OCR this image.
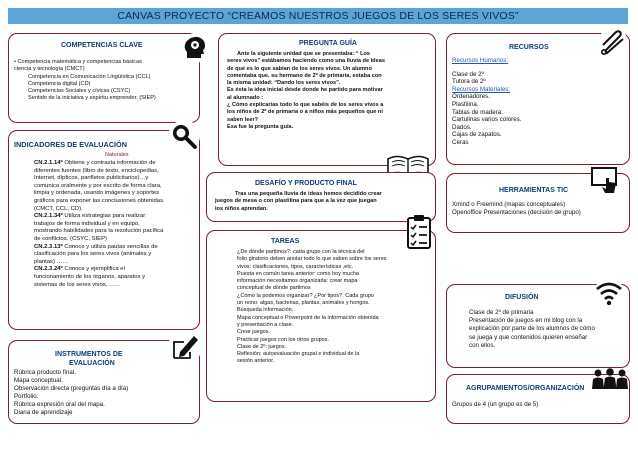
CANVAS PROYECTO “CREAMOS NUESTROS JUEGOS DE LOS SERES VIVOS”
COMPETENCIAS CLAVE

• Competencia matemática y competencias básicas

ciencia y tecnología (CMCT)

Competencia en Comunicación Lingüística (CCL)

Competencia digital (CD)

Competencias Sociales y cívicas (CSYC)

Sentido de la iniciativa y espíritu emprender. (SIEP)

PREGUNTA GUÍA

Ante la siguiente unidad que se presentaba: “ Los

seres vivos” estábamos haciendo como una lluvia de ideas

de qué es lo que sabían de los seres vivos. Un alumno

comentaba que, su hermano de 2º de primaria, estaba con

la misma unidad: “Dando los seres vivos”.

Es ésta la idea inicial desde donde he partido para motivar

al alumnado :

¿ Cómo explicarías todo lo que sabéis de los seres vivos a

los niños de 2º de primaria o a niños más pequeños que ni

saben leer?

Esa fue la pregunta guía.

RECURSOS

Recursos Humanos:

Clase de 2º

Tutora de 2º

Recursos Materiales:

Ordenadores.

Plastilina.

Tablas de madera.

Cartulinas varios colores.

Dados.

Cajas de zapatos.

Ceras

INDICADORES DE EVALUACIÓN
Naturales

CN.2.1.14º Obtiene y contrasta información de

diferentes fuentes (libro de texto, enciclopedias,

Internet, dípticos, panfletos publicitarios)…y

comunica oralmente y por escrito de forma clara,

limpia y ordenada, usando imágenes y soportes

gráficos para exponer las conclusiones obtenidas.

(CMCT, CCL, CD).

CN.2.1.34º Utiliza estrategias para realizar

trabajos de forma individual y en equipo,

mostrando habilidades para la resolución pacífica

de conflictos. (CSYC, SIEP)

CN.2.3.13º Conoce y utiliza pautas sencillas de

clasificación para los seres vivos (animales y

plantas) ……

CN.2.3.24º Conoce y ejemplifica el

funcionamiento de los órganos, aparatos y

sistemas de los seres vivos, ……

DESAFÍO Y PRODUCTO FINAL

Tras una pequeña lluvia de ideas hemos decidido crear

juegos de mesa o con plastilina para que a la vez que juegan

los niños aprendan.

HERRAMIENTAS TIC

Xmind o Freemind (mapas conceptuales)

Openoffice Presentaciones (decisión de grupo)

TAREAS

¿De dónde partimos?: cada grupo con la técnica del

folio giratorio deben anotar todo lo que saben sobre los seres

vivos: clasificaciones, tipos, características ,etc.

Puesta en común tarea anterior: como hoy mucha

información necesitamos organizarla: crear mapa

conceptual de dónde partimos

¿Cómo la podemos organizar? ¿Por tipos?. Cada grupo

un reino: algas, bacterias, plantas, animales y hongos.

Búsqueda información.

Mapa conceptual o Powerpoint de la información obtenida

y presentación a clase.

Crear juegos.

Practicar juegos con los otros grupos.

Clase de 2º: juegos.

Reflexión: autoevaluación grupal e individual de la

sesión anterior.

DIFUSIÓN

Clase de 2º de primaria

Presentación de juegos en mi blog con la

explicación por parte de los alumnos de cómo

se juega y que contenidos quieren enseñar

con ellos.

INSTRUMENTOS DE
EVALUACIÓN

Rúbrica producto final.

Mapa conceptual.

Observación directa (preguntas día a día)

Portfolio.

Rúbrica expresión oral del mapa.

Diana de aprendizaje

AGRUPAMIENTOS/ORGANIZACIÓN

Grupos de 4 (un grupo es de 5)
